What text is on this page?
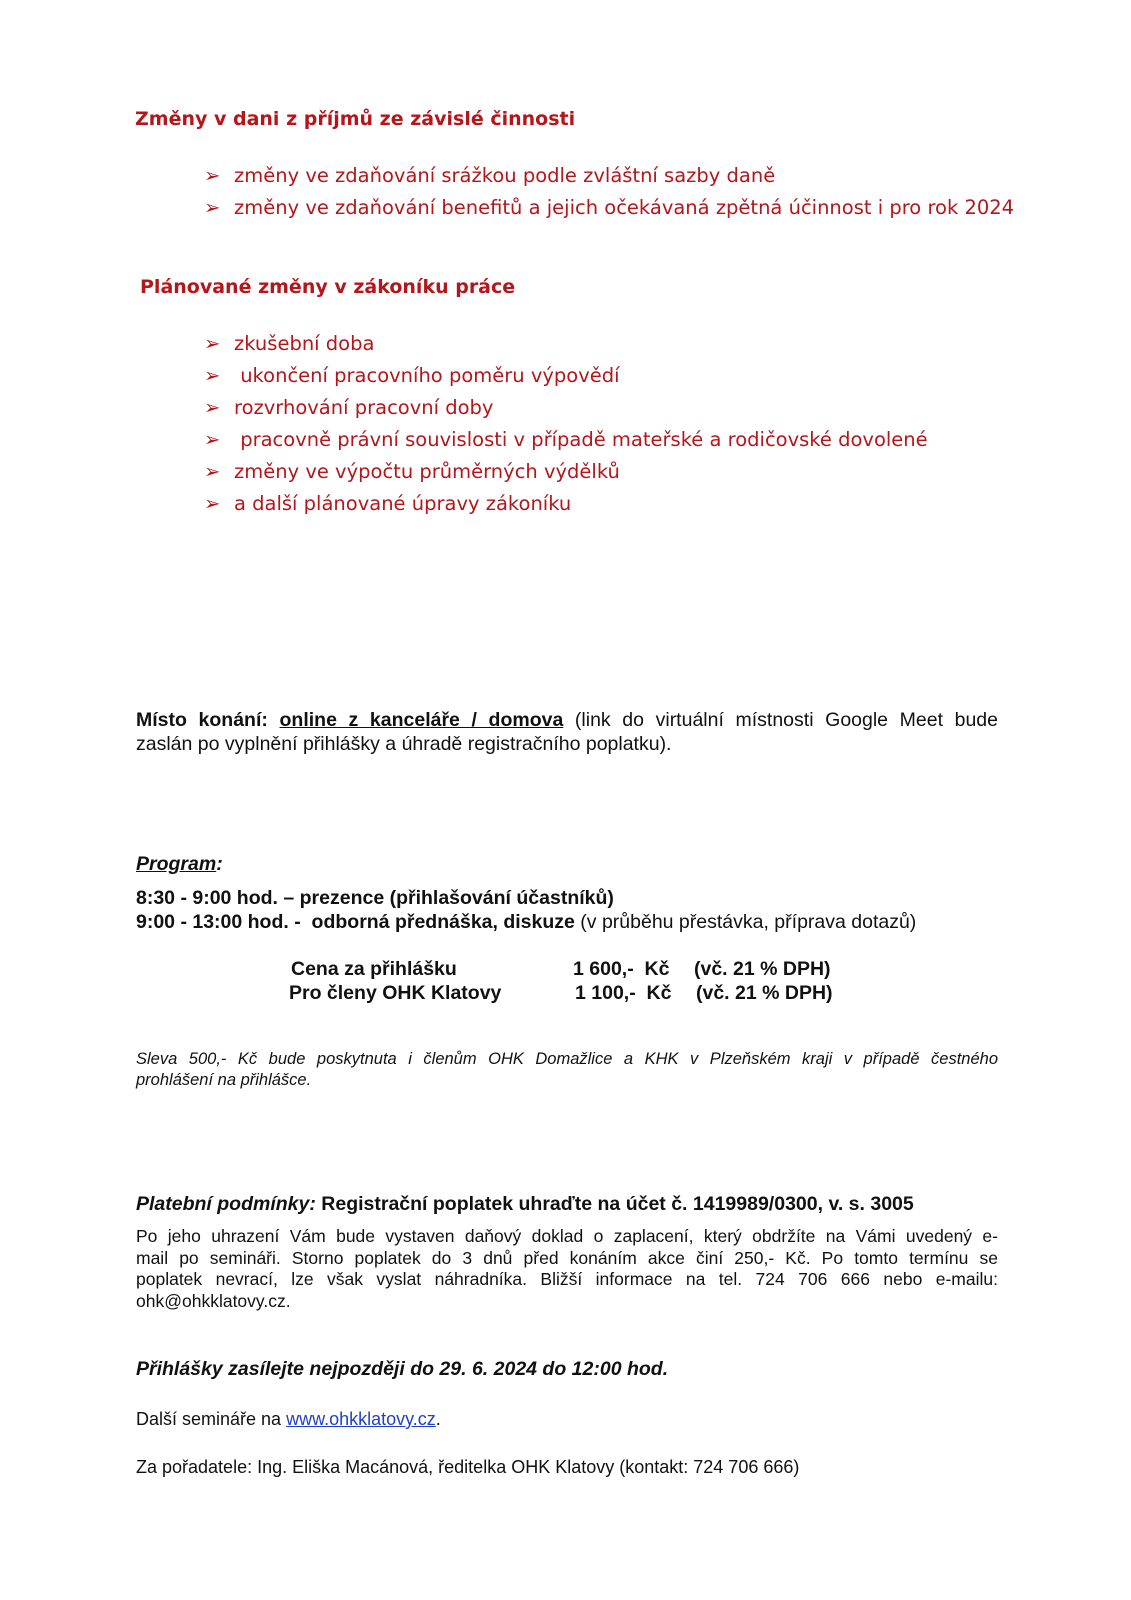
Změny v dani z příjmů ze závislé činnosti
➢ změny ve zdaňování srážkou podle zvláštní sazby daně
➢ změny ve zdaňování benefitů a jejich očekávaná zpětná účinnost i pro rok 2024
Plánované změny v zákoníku práce
➢ zkušební doba
➢ ukončení pracovního poměru výpovědí
➢ rozvrhování pracovní doby
➢ pracovně právní souvislosti v případě mateřské a rodičovské dovolené
➢ změny ve výpočtu průměrných výdělků
➢ a další plánované úpravy zákoníku
Místo konání: online z kanceláře / domova (link do virtuální místnosti Google Meet bude
zaslán po vyplnění přihlášky a úhradě registračního poplatku).
Program:
8:30 - 9:00 hod. – prezence (přihlašování účastníků)
9:00 - 13:00 hod. -  odborná přednáška, diskuze (v průběhu přestávka, příprava dotazů)
Cena za přihlášku	1 600,-  Kč (vč. 21 % DPH)
Pro členy OHK Klatovy	1 100,-  Kč (vč. 21 % DPH)
Sleva 500,- Kč bude poskytnuta i členům OHK Domažlice a KHK v Plzeňském kraji v případě čestného
prohlášení na přihlášce.
Platební podmínky: Registrační poplatek uhraďte na účet č. 1419989/0300, v. s. 3005
Po jeho uhrazení Vám bude vystaven daňový doklad o zaplacení, který obdržíte na Vámi uvedený e-
mail po semináři. Storno poplatek do 3 dnů před konáním akce činí 250,- Kč. Po tomto termínu se
poplatek nevrací, lze však vyslat náhradníka. Bližší informace na tel. 724 706 666 nebo e-mailu:
ohk@ohkklatovy.cz.
Přihlášky zasílejte nejpozději do 29. 6. 2024 do 12:00 hod.
Další semináře na www.ohkklatovy.cz.
Za pořadatele: Ing. Eliška Macánová, ředitelka OHK Klatovy (kontakt: 724 706 666)
